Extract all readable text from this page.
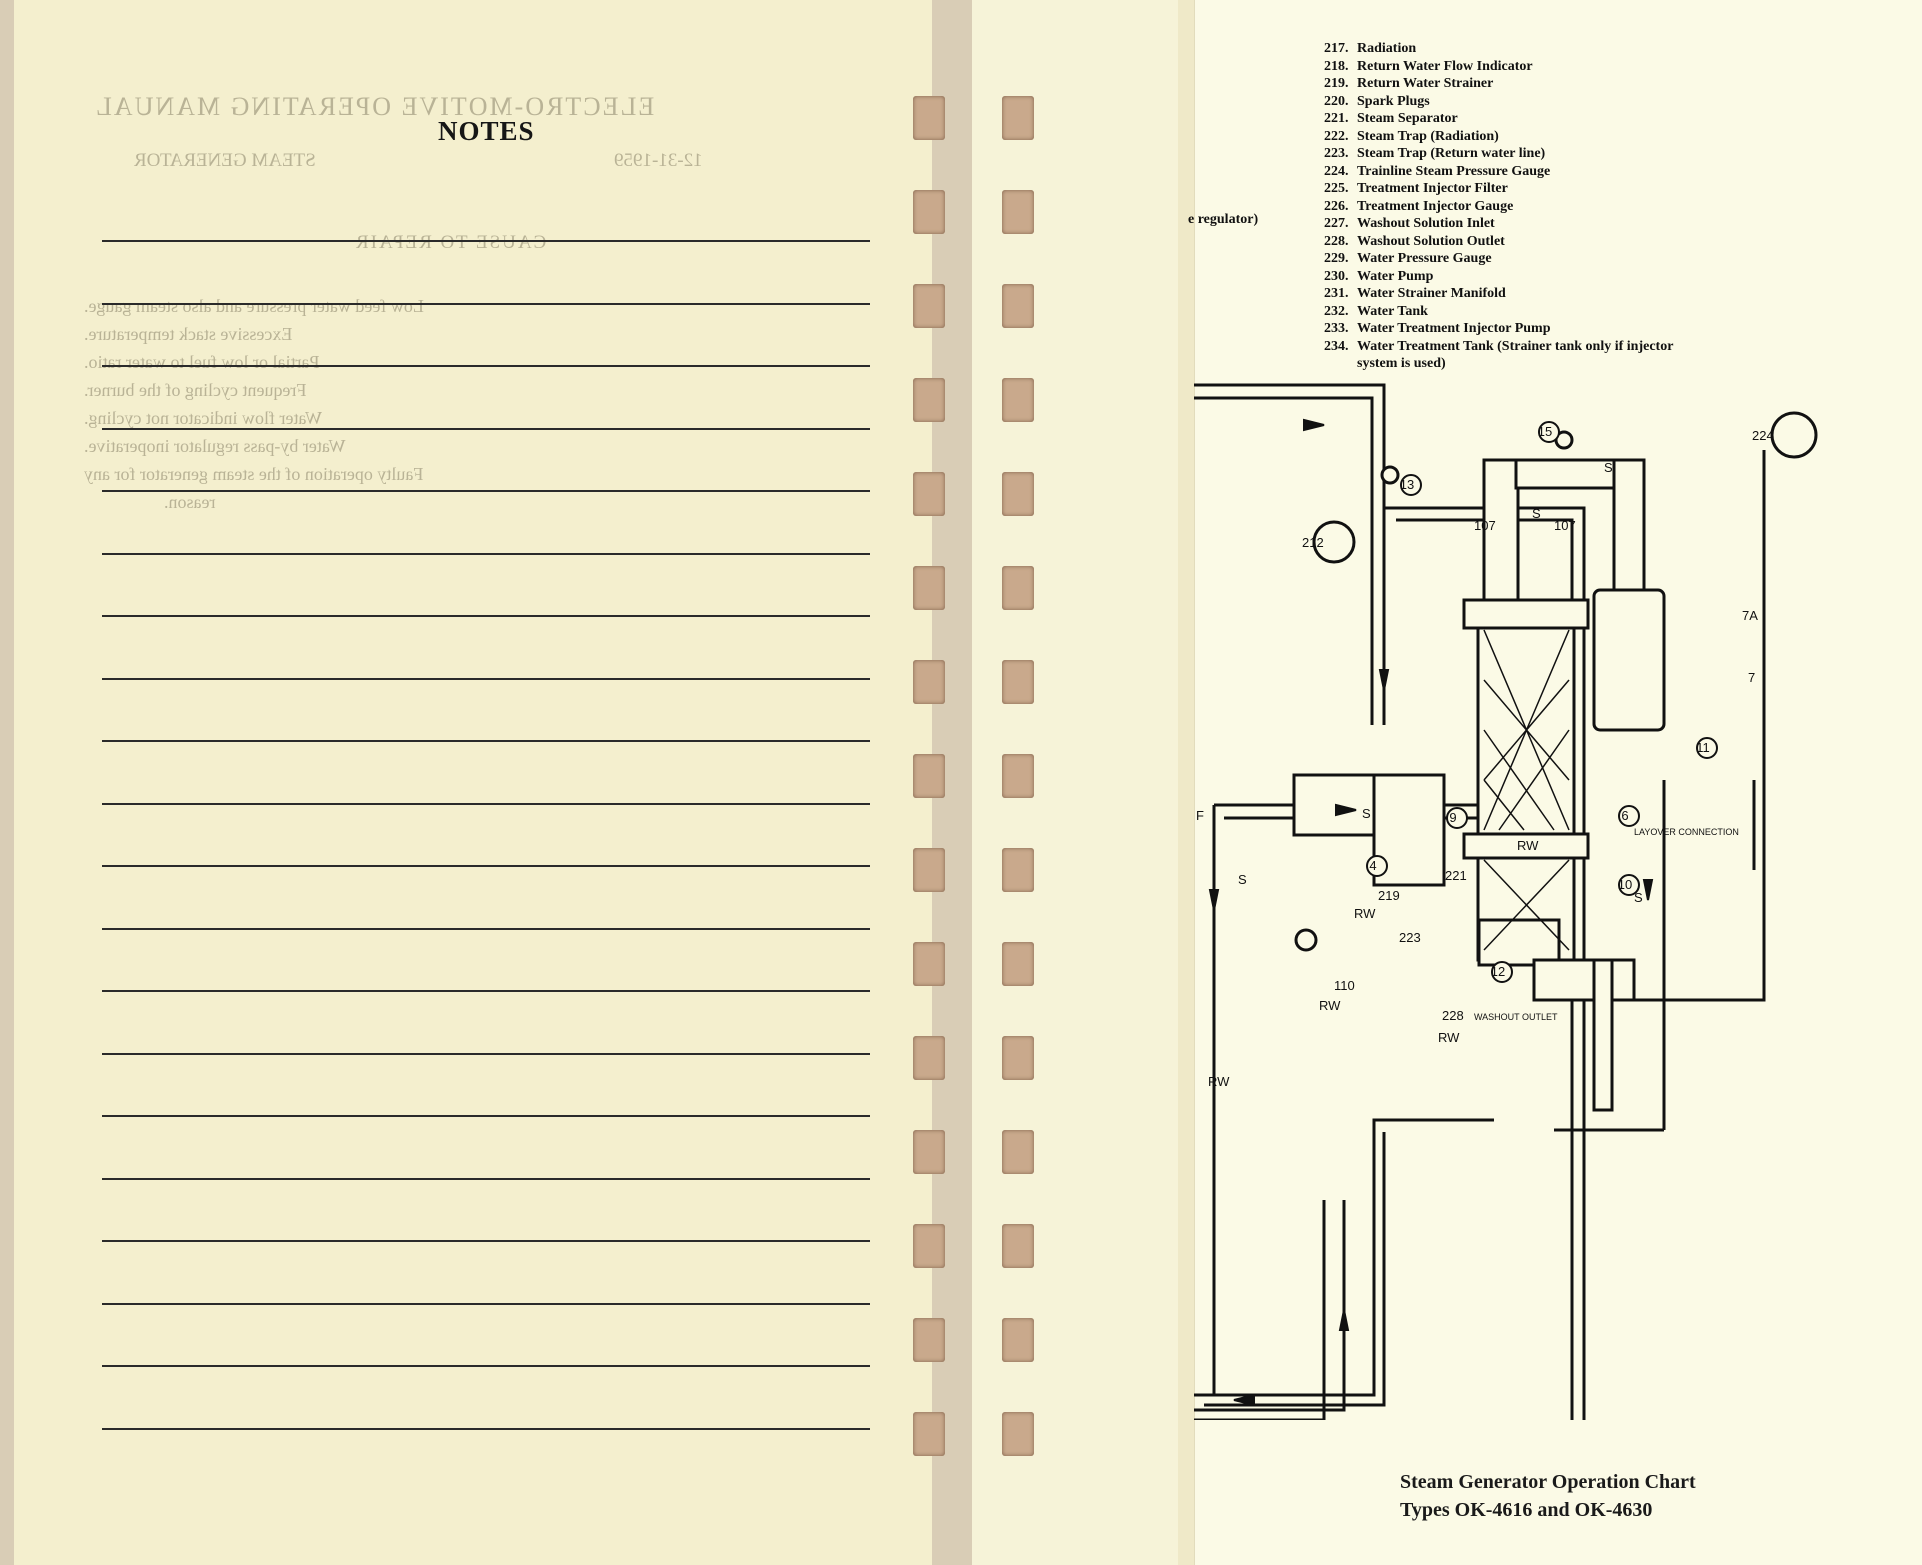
ELECTRO-MOTIVE OPERATING MANUAL
12-31-1959
STEAM GENERATOR
CAUSE TO REPAIR
Low feed water pressure and also steam gauge.
Excessive stack temperature.
Partial or low fuel to water ratio.
Frequent cycling of the burner.
Water flow indicator not cycling.
Water by-pass regulator inoperative.
Faulty operation of the steam generator for any
reason.
NOTES
e regulator)
217. Radiation
218. Return Water Flow Indicator
219. Return Water Strainer
220. Spark Plugs
221. Steam Separator
222. Steam Trap (Radiation)
223. Steam Trap (Return water line)
224. Trainline Steam Pressure Gauge
225. Treatment Injector Filter
226. Treatment Injector Gauge
227. Washout Solution Inlet
228. Washout Solution Outlet
229. Water Pressure Gauge
230. Water Pump
231. Water Strainer Manifold
232. Water Tank
233. Water Treatment Injector Pump
234. Water Treatment Tank (Strainer tank only if injector
system is used)
15
13
224
212
107	107
S
S
S
S
S
7A
7
221
RW
223
11
110
9	6
LAYOVER CONNECTION
RW
RW
4
10
219
12
RW
228 WASHOUT OUTLET
RW
F
Steam Generator Operation Chart
Types OK-4616 and OK-4630
